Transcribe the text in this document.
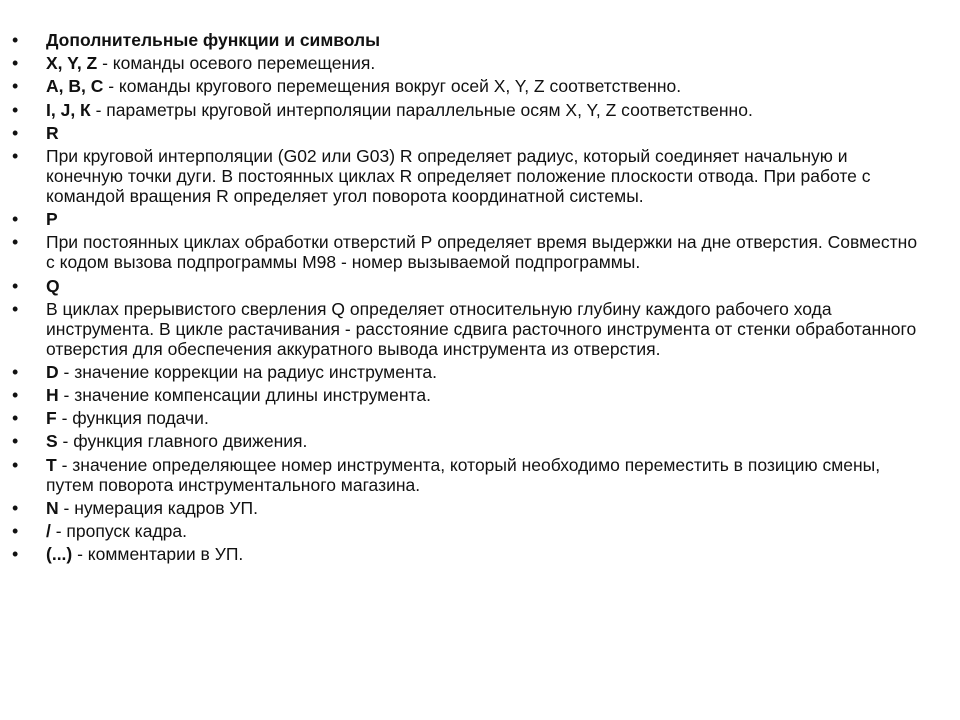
•	Дополнительные функции и символы
•	X, Y, Z - команды осевого перемещения.
•	А, В, С - команды кругового перемещения вокруг осей X, Y, Z соответственно.
•	I, J, К - параметры круговой интерполяции параллельные осям X, Y, Z соответственно.
•	R
•	При круговой интерполяции (G02 или G03) R определяет радиус, который соединяет начальную и конечную точки дуги. В постоянных циклах R определяет положение плоскости отвода. При работе с командой вращения R определяет угол поворота координатной системы.
•	Р
•	При постоянных циклах обработки отверстий Р определяет время выдержки на дне отверстия. Совместно с кодом вызова подпрограммы М98 - номер вызываемой подпрограммы.
•	Q
•	В циклах прерывистого сверления Q определяет относительную глубину каждого рабочего хода инструмента. В цикле растачивания - расстояние сдвига расточного инструмента от стенки обработанного отверстия для обеспечения аккуратного вывода инструмента из отверстия.
•	D - значение коррекции на радиус инструмента.
•	Н - значение компенсации длины инструмента.
•	F - функция подачи.
•	S - функция главного движения.
•	Т - значение определяющее номер инструмента, который необходимо переместить в позицию смены, путем поворота инструментального магазина.
•	N - нумерация кадров УП.
•	/ - пропуск кадра.
•	(...) - комментарии в УП.
